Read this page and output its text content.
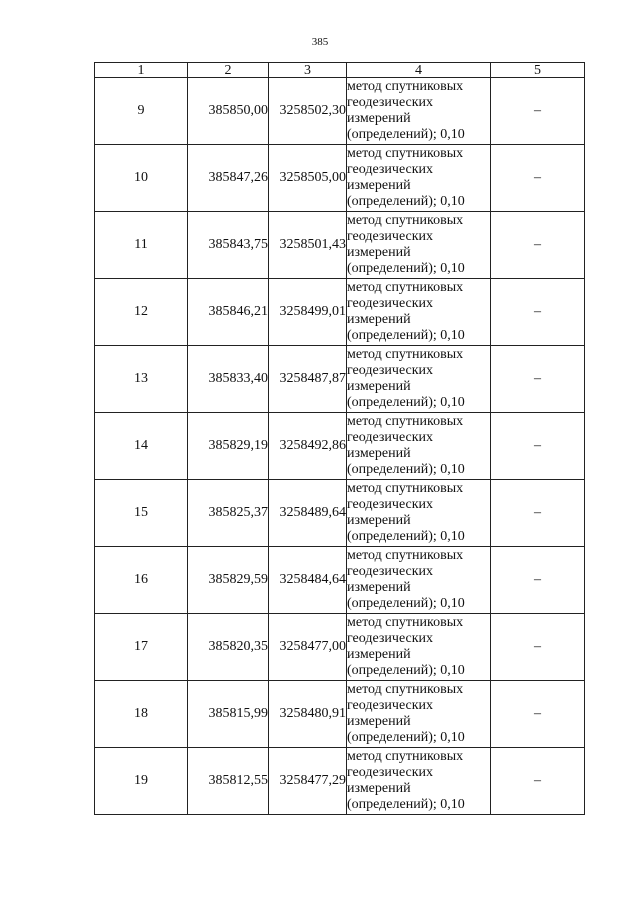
385
1	2	3	4	5
9	385850,00	3258502,30	метод спутниковых
геодезических
измерений
(определений); 0,10	–
10	385847,26	3258505,00	метод спутниковых
геодезических
измерений
(определений); 0,10	–
11	385843,75	3258501,43	метод спутниковых
геодезических
измерений
(определений); 0,10	–
12	385846,21	3258499,01	метод спутниковых
геодезических
измерений
(определений); 0,10	–
13	385833,40	3258487,87	метод спутниковых
геодезических
измерений
(определений); 0,10	–
14	385829,19	3258492,86	метод спутниковых
геодезических
измерений
(определений); 0,10	–
15	385825,37	3258489,64	метод спутниковых
геодезических
измерений
(определений); 0,10	–
16	385829,59	3258484,64	метод спутниковых
геодезических
измерений
(определений); 0,10	–
17	385820,35	3258477,00	метод спутниковых
геодезических
измерений
(определений); 0,10	–
18	385815,99	3258480,91	метод спутниковых
геодезических
измерений
(определений); 0,10	–
19	385812,55	3258477,29	метод спутниковых
геодезических
измерений
(определений); 0,10	–
